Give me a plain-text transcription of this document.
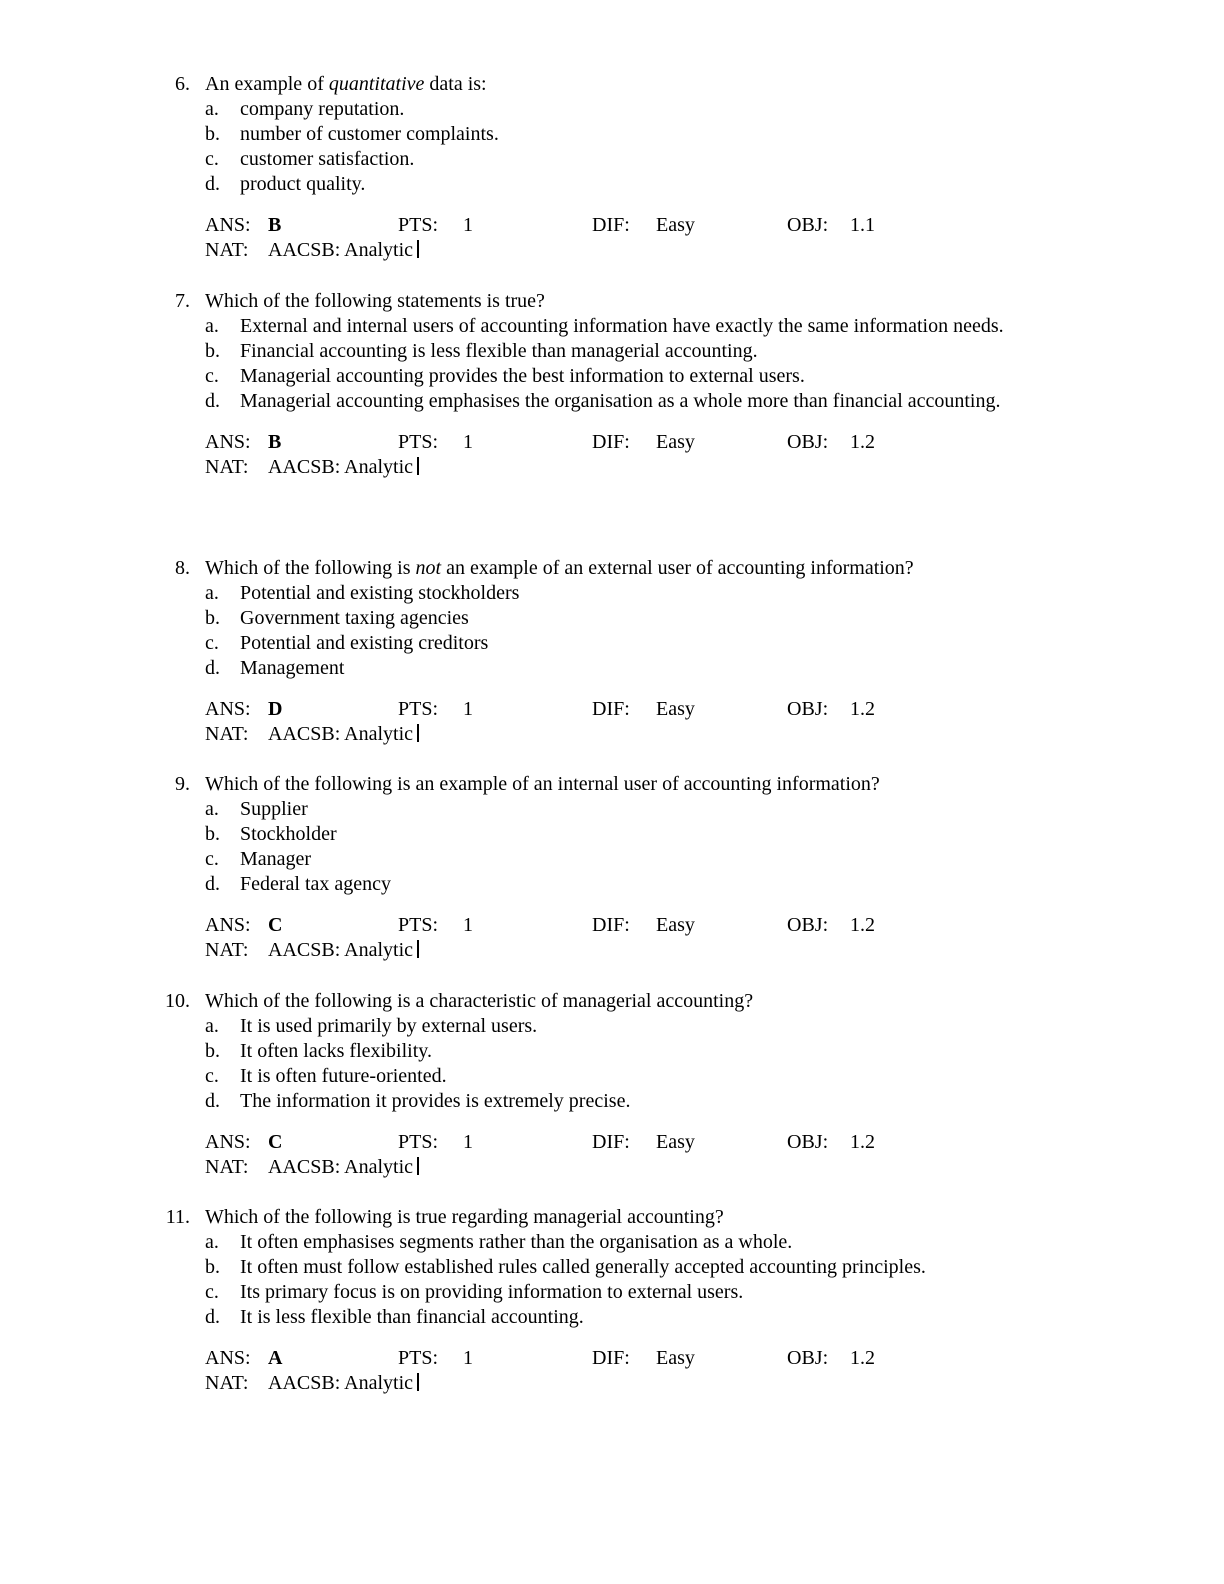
6. An example of quantitative data is:
a. company reputation.
b. number of customer complaints.
c. customer satisfaction.
d. product quality.
ANS: B	PTS: 1	DIF: Easy	OBJ: 1.1
NAT: AACSB: Analytic
7. Which of the following statements is true?
a. External and internal users of accounting information have exactly the same information needs.
b. Financial accounting is less flexible than managerial accounting.
c. Managerial accounting provides the best information to external users.
d. Managerial accounting emphasises the organisation as a whole more than financial accounting.
ANS: B	PTS: 1	DIF: Easy	OBJ: 1.2
NAT: AACSB: Analytic
8. Which of the following is not an example of an external user of accounting information?
a. Potential and existing stockholders
b. Government taxing agencies
c. Potential and existing creditors
d. Management
ANS: D	PTS: 1	DIF: Easy	OBJ: 1.2
NAT: AACSB: Analytic
9. Which of the following is an example of an internal user of accounting information?
a. Supplier
b. Stockholder
c. Manager
d. Federal tax agency
ANS: C	PTS: 1	DIF: Easy	OBJ: 1.2
NAT: AACSB: Analytic
10. Which of the following is a characteristic of managerial accounting?
a. It is used primarily by external users.
b. It often lacks flexibility.
c. It is often future-oriented.
d. The information it provides is extremely precise.
ANS: C	PTS: 1	DIF: Easy	OBJ: 1.2
NAT: AACSB: Analytic
11. Which of the following is true regarding managerial accounting?
a. It often emphasises segments rather than the organisation as a whole.
b. It often must follow established rules called generally accepted accounting principles.
c. Its primary focus is on providing information to external users.
d. It is less flexible than financial accounting.
ANS: A	PTS: 1	DIF: Easy	OBJ: 1.2
NAT: AACSB: Analytic
